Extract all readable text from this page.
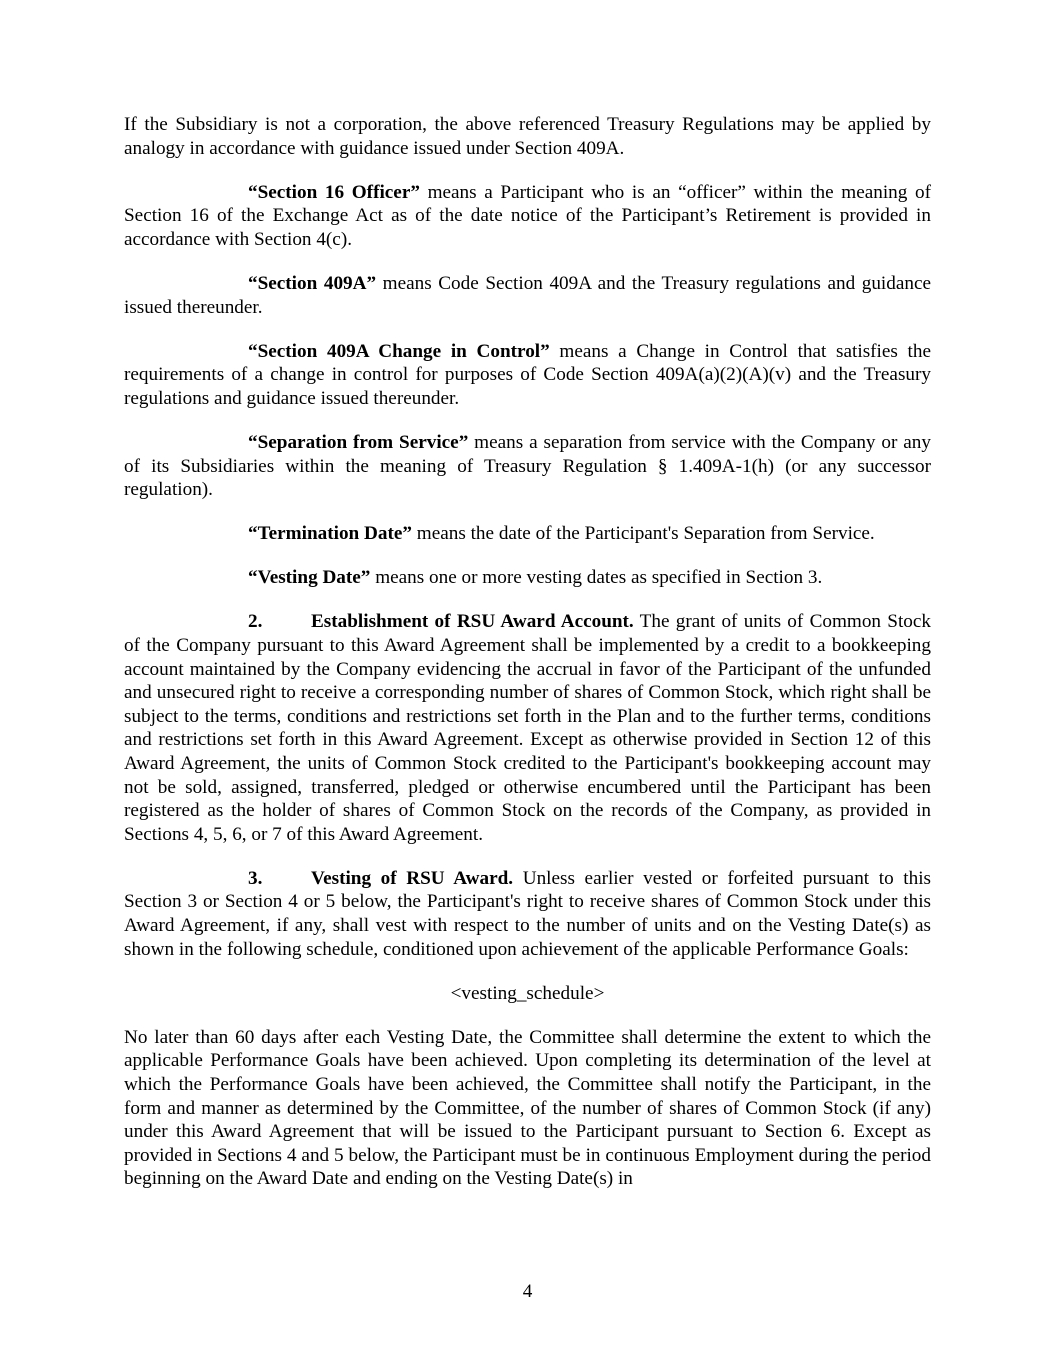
If the Subsidiary is not a corporation, the above referenced Treasury Regulations may be applied by analogy in accordance with guidance issued under Section 409A.

“Section 16 Officer” means a Participant who is an “officer” within the meaning of Section 16 of the Exchange Act as of the date notice of the Participant’s Retirement is provided in accordance with Section 4(c).

“Section 409A” means Code Section 409A and the Treasury regulations and guidance issued thereunder.

“Section 409A Change in Control” means a Change in Control that satisfies the requirements of a change in control for purposes of Code Section 409A(a)(2)(A)(v) and the Treasury regulations and guidance issued thereunder.

“Separation from Service” means a separation from service with the Company or any of its Subsidiaries within the meaning of Treasury Regulation § 1.409A-1(h) (or any successor regulation).

“Termination Date” means the date of the Participant's Separation from Service.

“Vesting Date” means one or more vesting dates as specified in Section 3.

2.	Establishment of RSU Award Account. The grant of units of Common Stock of the Company pursuant to this Award Agreement shall be implemented by a credit to a bookkeeping account maintained by the Company evidencing the accrual in favor of the Participant of the unfunded and unsecured right to receive a corresponding number of shares of Common Stock, which right shall be subject to the terms, conditions and restrictions set forth in the Plan and to the further terms, conditions and restrictions set forth in this Award Agreement. Except as otherwise provided in Section 12 of this Award Agreement, the units of Common Stock credited to the Participant's bookkeeping account may not be sold, assigned, transferred, pledged or otherwise encumbered until the Participant has been registered as the holder of shares of Common Stock on the records of the Company, as provided in Sections 4, 5, 6, or 7 of this Award Agreement.

3.	Vesting of RSU Award. Unless earlier vested or forfeited pursuant to this Section 3 or Section 4 or 5 below, the Participant's right to receive shares of Common Stock under this Award Agreement, if any, shall vest with respect to the number of units and on the Vesting Date(s) as shown in the following schedule, conditioned upon achievement of the applicable Performance Goals:

<vesting_schedule>

No later than 60 days after each Vesting Date, the Committee shall determine the extent to which the applicable Performance Goals have been achieved. Upon completing its determination of the level at which the Performance Goals have been achieved, the Committee shall notify the Participant, in the form and manner as determined by the Committee, of the number of shares of Common Stock (if any) under this Award Agreement that will be issued to the Participant pursuant to Section 6. Except as provided in Sections 4 and 5 below, the Participant must be in continuous Employment during the period beginning on the Award Date and ending on the Vesting Date(s) in

4
